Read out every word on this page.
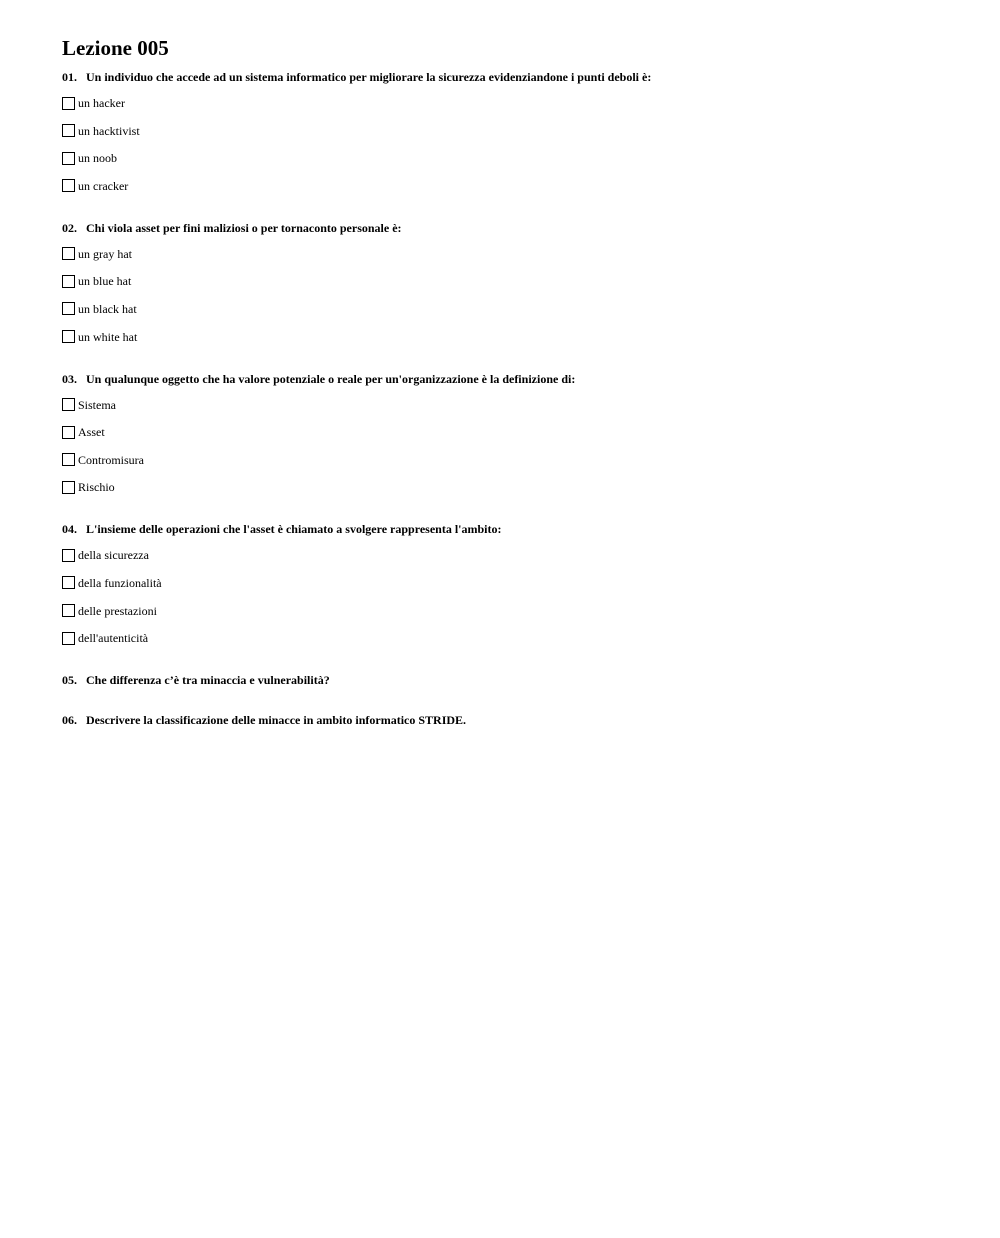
Lezione 005
01. Un individuo che accede ad un sistema informatico per migliorare la sicurezza evidenziandone i punti deboli è:
un hacker
un hacktivist
un noob
un cracker
02. Chi viola asset per fini maliziosi o per tornaconto personale è:
un gray hat
un blue hat
un black hat
un white hat
03. Un qualunque oggetto che ha valore potenziale o reale per un'organizzazione è la definizione di:
Sistema
Asset
Contromisura
Rischio
04. L'insieme delle operazioni che l'asset è chiamato a svolgere rappresenta l'ambito:
della sicurezza
della funzionalità
delle prestazioni
dell'autenticità
05. Che differenza c’è tra minaccia e vulnerabilità?
06. Descrivere la classificazione delle minacce in ambito informatico STRIDE.
